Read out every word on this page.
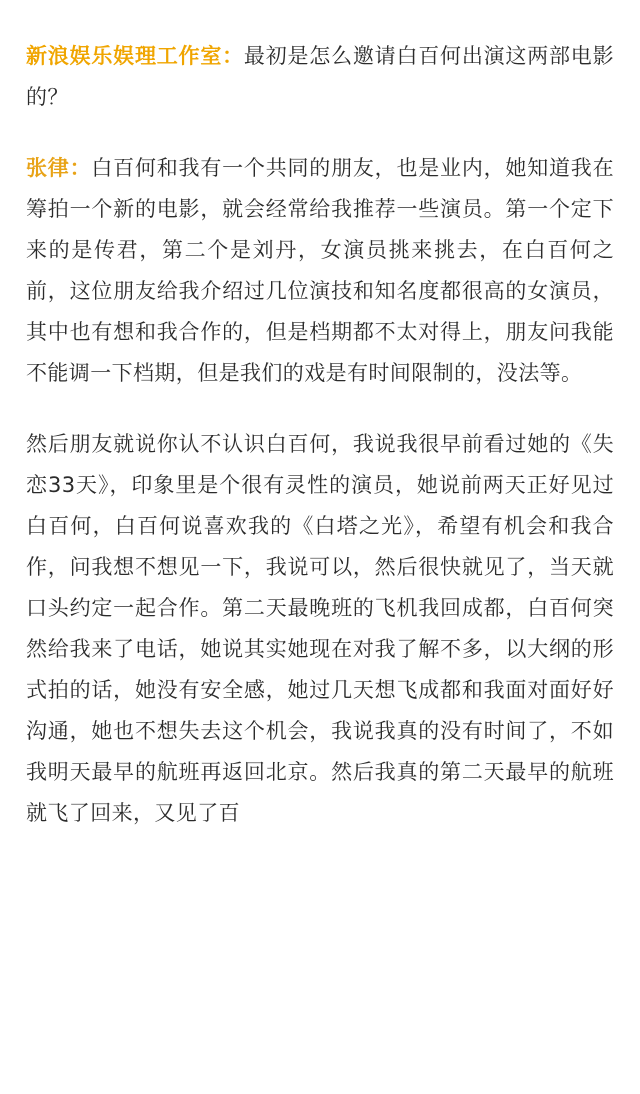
新浪娱乐娱理工作室：最初是怎么邀请白百何出演这两部电影的？

张律：白百何和我有一个共同的朋友，也是业内，她知道我在筹拍一个新的电影，就会经常给我推荐一些演员。第一个定下来的是传君，第二个是刘丹，女演员挑来挑去，在白百何之前，这位朋友给我介绍过几位演技和知名度都很高的女演员，其中也有想和我合作的，但是档期都不太对得上，朋友问我能不能调一下档期，但是我们的戏是有时间限制的，没法等。

然后朋友就说你认不认识白百何，我说我很早前看过她的《失恋33天》，印象里是个很有灵性的演员，她说前两天正好见过白百何，白百何说喜欢我的《白塔之光》，希望有机会和我合作，问我想不想见一下，我说可以，然后很快就见了，当天就口头约定一起合作。第二天最晚班的飞机我回成都，白百何突然给我来了电话，她说其实她现在对我了解不多，以大纲的形式拍的话，她没有安全感，她过几天想飞成都和我面对面好好沟通，她也不想失去这个机会，我说我真的没有时间了，不如我明天最早的航班再返回北京。然后我真的第二天最早的航班就飞了回来，又见了百
